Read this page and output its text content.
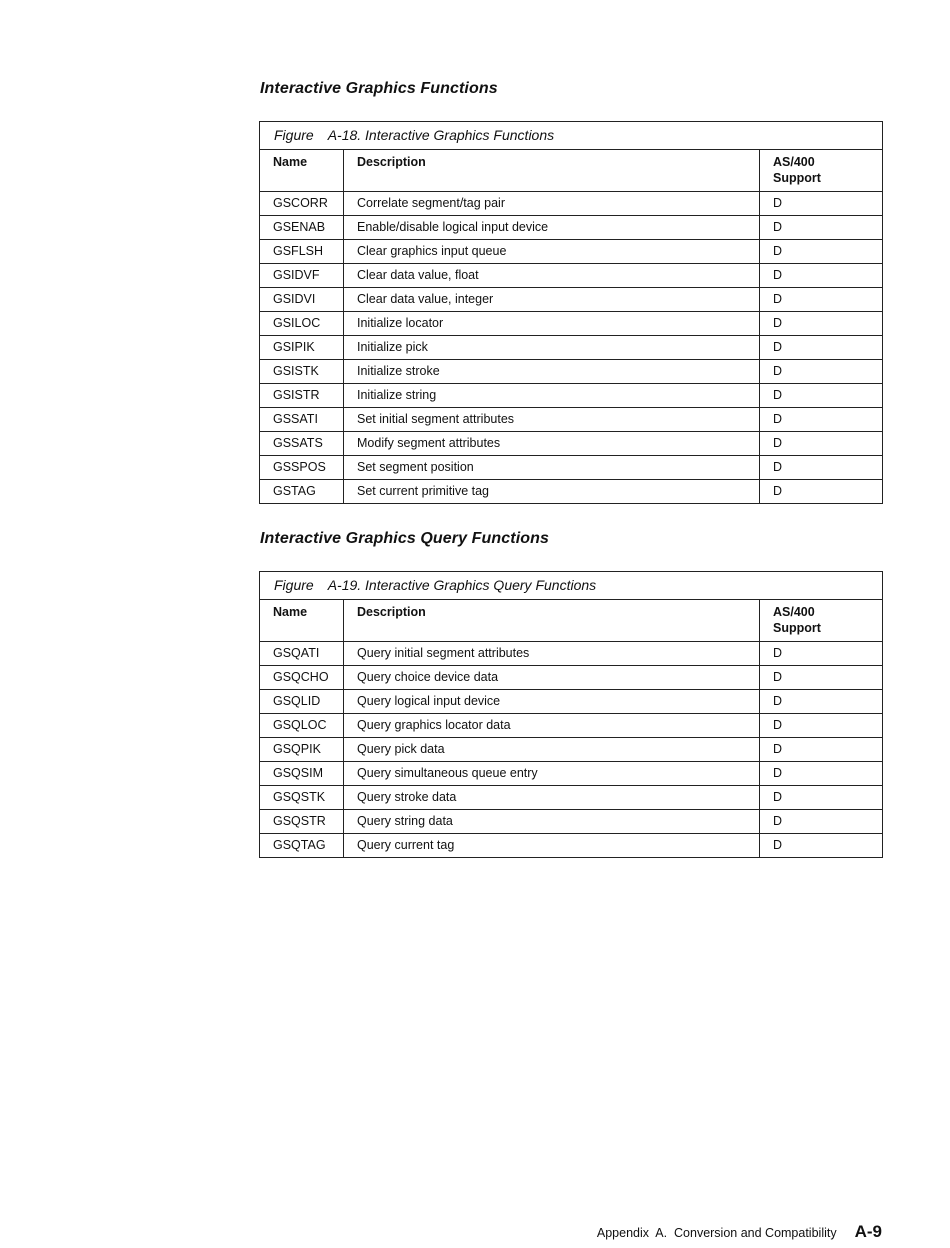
Interactive Graphics Functions
Figure A-18. Interactive Graphics Functions
Name	Description	AS/400
Support
GSCORR	Correlate segment/tag pair	D
GSENAB	Enable/disable logical input device	D
GSFLSH	Clear graphics input queue	D
GSIDVF	Clear data value, float	D
GSIDVI	Clear data value, integer	D
GSILOC	Initialize locator	D
GSIPIK	Initialize pick	D
GSISTK	Initialize stroke	D
GSISTR	Initialize string	D
GSSATI	Set initial segment attributes	D
GSSATS	Modify segment attributes	D
GSSPOS	Set segment position	D
GSTAG	Set current primitive tag	D
Interactive Graphics Query Functions
Figure A-19. Interactive Graphics Query Functions
Name	Description	AS/400
Support
GSQATI	Query initial segment attributes	D
GSQCHO	Query choice device data	D
GSQLID	Query logical input device	D
GSQLOC	Query graphics locator data	D
GSQPIK	Query pick data	D
GSQSIM	Query simultaneous queue entry	D
GSQSTK	Query stroke data	D
GSQSTR	Query string data	D
GSQTAG	Query current tag	D
Appendix  A.  Conversion and Compatibility A-9
